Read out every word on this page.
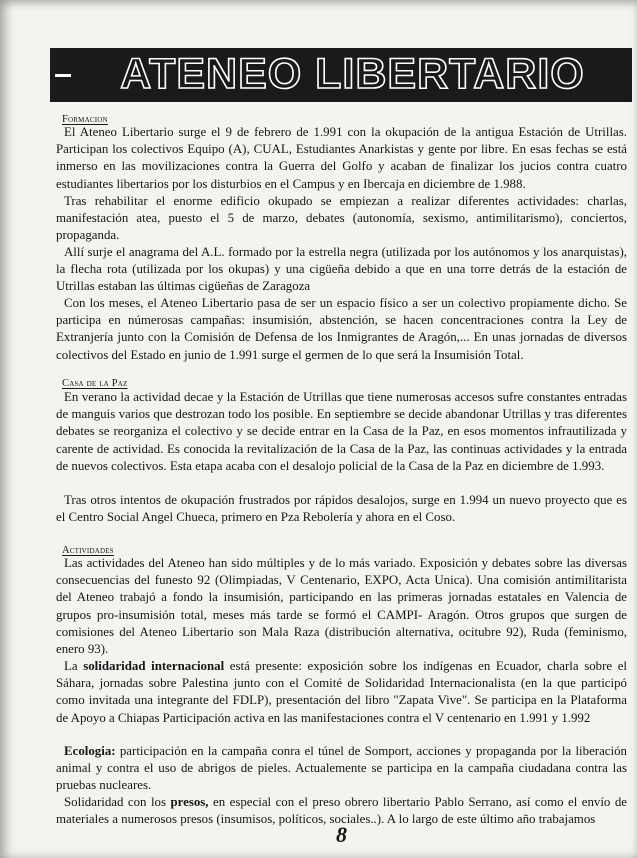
ATENEO LIBERTARIO
Formacion
El Ateneo Libertario surge el 9 de febrero de 1.991 con la okupación de la antigua Estación de Utrillas. Participan los colectivos Equipo (A), CUAL, Estudiantes Anarkistas y gente por libre. En esas fechas se está inmerso en las movilizaciones contra la Guerra del Golfo y acaban de finalizar los jucios contra cuatro estudiantes libertarios por los disturbios en el Campus y en Ibercaja en diciembre de 1.988.
Tras rehabilitar el enorme edificio okupado se empiezan a realizar diferentes actividades: charlas, manifestación atea, puesto el 5 de marzo, debates (autonomía, sexismo, antimilitarismo), conciertos, propaganda.
Allí surje el anagrama del A.L. formado por la estrella negra (utilizada por los autónomos y los anarquistas), la flecha rota (utilizada por los okupas) y una cigüeña debido a que en una torre detrás de la estación de Utrillas estaban las últimas cigüeñas de Zaragoza
Con los meses, el Ateneo Libertario pasa de ser un espacio físico a ser un colectivo propiamente dicho. Se participa en númerosas campañas: insumisión, abstención, se hacen concentraciones contra la Ley de Extranjería junto con la Comisión de Defensa de los Inmigrantes de Aragón,... En unas jornadas de diversos colectivos del Estado en junio de 1.991 surge el germen de lo que será la Insumisión Total.
Casa de la Paz
En verano la actividad decae y la Estación de Utrillas que tiene numerosas accesos sufre constantes entradas de manguis varios que destrozan todo los posible. En septiembre se decide abandonar Utrillas y tras diferentes debates se reorganiza el colectivo y se decide entrar en la Casa de la Paz, en esos momentos infrautilizada y carente de actividad. Es conocida la revitalización de la Casa de la Paz, las continuas actividades y la entrada de nuevos colectivos. Esta etapa acaba con el desalojo policial de la Casa de la Paz en diciembre de 1.993.
Tras otros intentos de okupación frustrados por rápidos desalojos, surge en 1.994 un nuevo proyecto que es el Centro Social Angel Chueca, primero en Pza Rebolería y ahora en el Coso.
Actividades
Las actividades del Ateneo han sido múltiples y de lo más variado. Exposición y debates sobre las diversas consecuencias del funesto 92 (Olimpiadas, V Centenario, EXPO, Acta Unica). Una comisión antimilitarista del Ateneo trabajó a fondo la insumisión, participando en las primeras jornadas estatales en Valencia de grupos pro-insumisión total, meses más tarde se formó el CAMPI- Aragón. Otros grupos que surgen de comisiones del Ateneo Libertario son Mala Raza (distribución alternativa, ocitubre 92), Ruda (feminismo, enero 93).
La solidaridad internacional está presente: exposición sobre los indígenas en Ecuador, charla sobre el Sáhara, jornadas sobre Palestina junto con el Comité de Solidaridad Internacionalista (en la que participó como invitada una integrante del FDLP), presentación del libro "Zapata Vive". Se participa en la Plataforma de Apoyo a Chiapas Participación activa en las manifestaciones contra el V centenario en 1.991 y 1.992
Ecologia: participación en la campaña conra el túnel de Somport, acciones y propaganda por la liberación animal y contra el uso de abrigos de pieles. Actualemente se participa en la campaña ciudadana contra las pruebas nucleares.
Solidaridad con los presos, en especial con el preso obrero libertario Pablo Serrano, así como el envío de materiales a numerosos presos (insumisos, políticos, sociales..). A lo largo de este último año trabajamos
8
